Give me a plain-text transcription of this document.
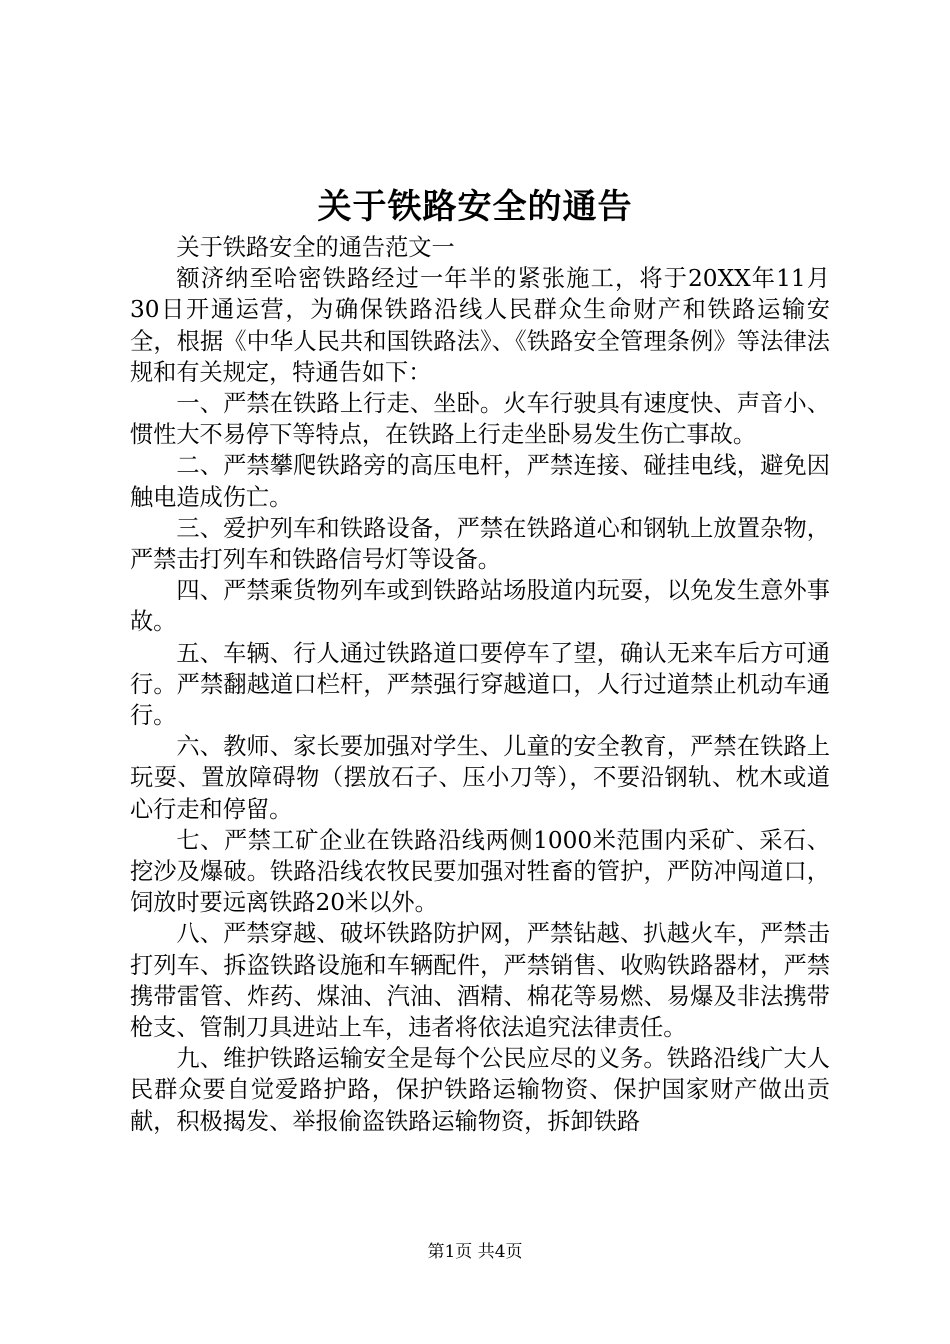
关于铁路安全的通告

关于铁路安全的通告范文一

额济纳至哈密铁路经过一年半的紧张施工，将于20XX年11月30日开通运营，为确保铁路沿线人民群众生命财产和铁路运输安全，根据《中华人民共和国铁路法》、《铁路安全管理条例》等法律法规和有关规定，特通告如下：

一、严禁在铁路上行走、坐卧。火车行驶具有速度快、声音小、惯性大不易停下等特点，在铁路上行走坐卧易发生伤亡事故。

二、严禁攀爬铁路旁的高压电杆，严禁连接、碰挂电线，避免因触电造成伤亡。

三、爱护列车和铁路设备，严禁在铁路道心和钢轨上放置杂物，严禁击打列车和铁路信号灯等设备。

四、严禁乘货物列车或到铁路站场股道内玩耍，以免发生意外事故。

五、车辆、行人通过铁路道口要停车了望，确认无来车后方可通行。严禁翻越道口栏杆，严禁强行穿越道口，人行过道禁止机动车通行。

六、教师、家长要加强对学生、儿童的安全教育，严禁在铁路上玩耍、置放障碍物（摆放石子、压小刀等），不要沿钢轨、枕木或道心行走和停留。

七、严禁工矿企业在铁路沿线两侧1000米范围内采矿、采石、挖沙及爆破。铁路沿线农牧民要加强对牲畜的管护，严防冲闯道口，饲放时要远离铁路20米以外。

八、严禁穿越、破坏铁路防护网，严禁钻越、扒越火车，严禁击打列车、拆盗铁路设施和车辆配件，严禁销售、收购铁路器材，严禁携带雷管、炸药、煤油、汽油、酒精、棉花等易燃、易爆及非法携带枪支、管制刀具进站上车，违者将依法追究法律责任。

九、维护铁路运输安全是每个公民应尽的义务。铁路沿线广大人民群众要自觉爱路护路，保护铁路运输物资、保护国家财产做出贡献，积极揭发、举报偷盗铁路运输物资，拆卸铁路

第1页 共4页
